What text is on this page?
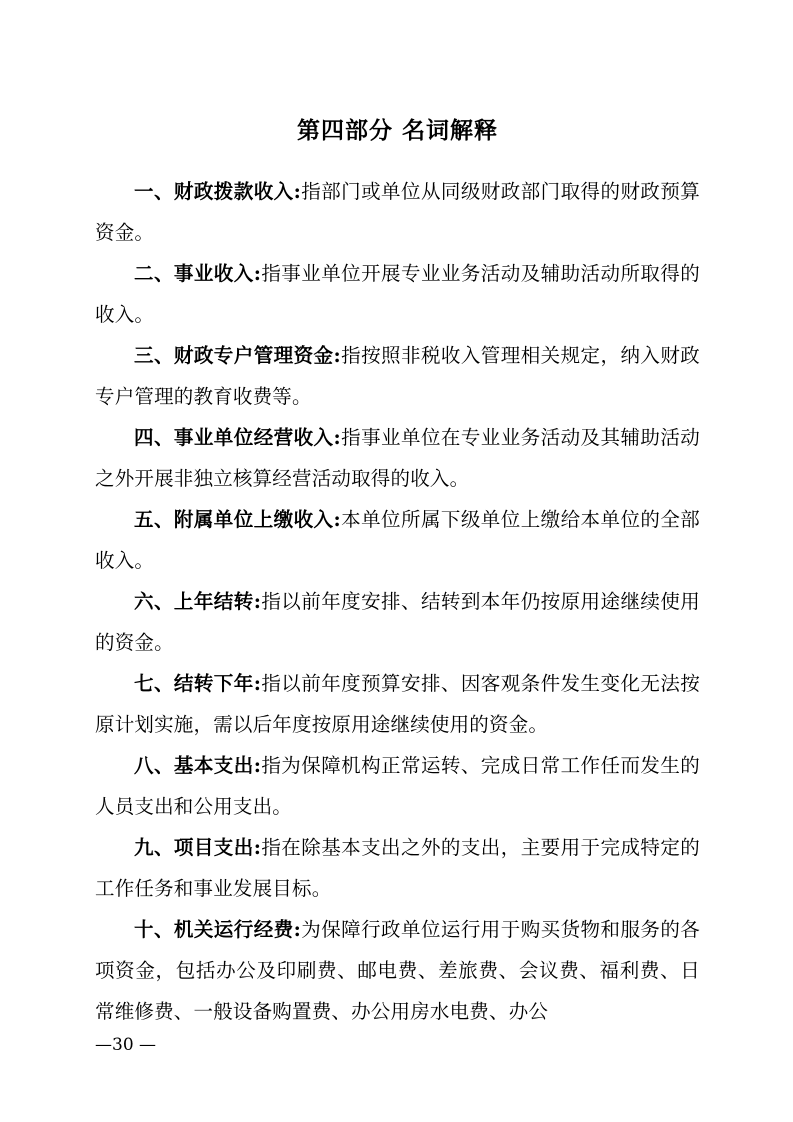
第四部分 名词解释

一、财政拨款收入:指部门或单位从同级财政部门取得的财政预算资金。

二、事业收入:指事业单位开展专业业务活动及辅助活动所取得的收入。

三、财政专户管理资金:指按照非税收入管理相关规定，纳入财政专户管理的教育收费等。

四、事业单位经营收入:指事业单位在专业业务活动及其辅助活动之外开展非独立核算经营活动取得的收入。

五、附属单位上缴收入:本单位所属下级单位上缴给本单位的全部收入。

六、上年结转:指以前年度安排、结转到本年仍按原用途继续使用的资金。

七、结转下年:指以前年度预算安排、因客观条件发生变化无法按原计划实施，需以后年度按原用途继续使用的资金。

八、基本支出:指为保障机构正常运转、完成日常工作任而发生的人员支出和公用支出。

九、项目支出:指在除基本支出之外的支出，主要用于完成特定的工作任务和事业发展目标。

十、机关运行经费:为保障行政单位运行用于购买货物和服务的各项资金，包括办公及印刷费、邮电费、差旅费、会议费、福利费、日常维修费、一般设备购置费、办公用房水电费、办公

—30 —
